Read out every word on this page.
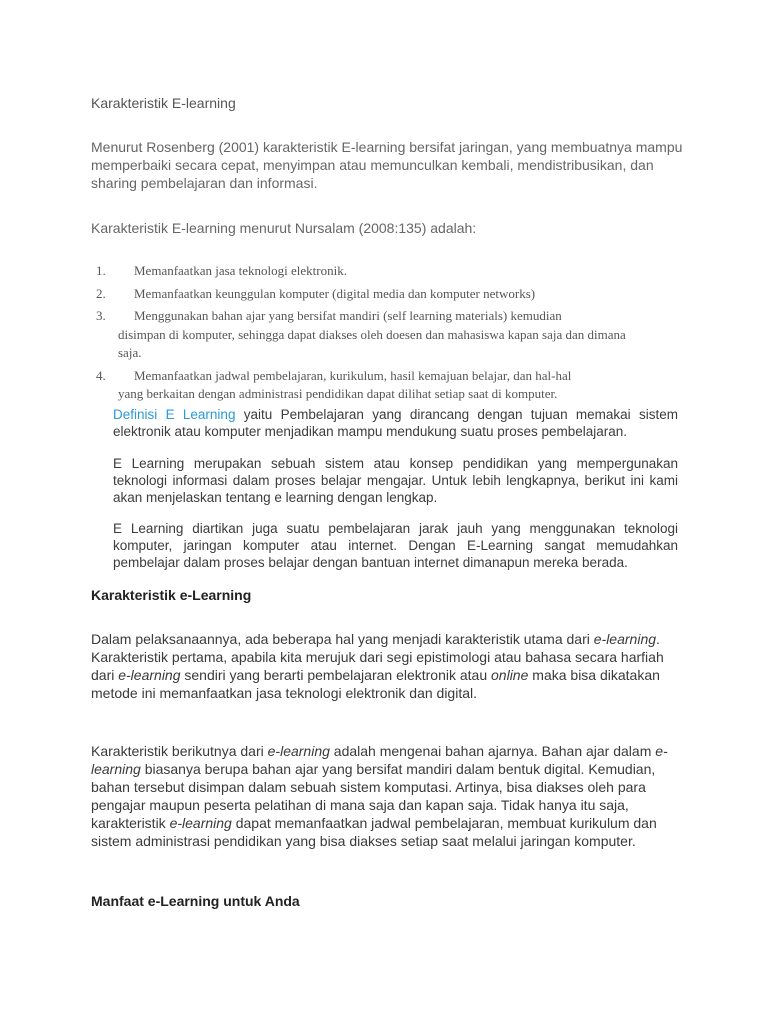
Karakteristik E-learning

Menurut Rosenberg (2001) karakteristik E-learning bersifat jaringan, yang membuatnya mampu memperbaiki secara cepat, menyimpan atau memunculkan kembali, mendistribusikan, dan sharing pembelajaran dan informasi.

Karakteristik E-learning menurut Nursalam (2008:135) adalah:

1. Memanfaatkan jasa teknologi elektronik.
2. Memanfaatkan keunggulan komputer (digital media dan komputer networks)
3. Menggunakan bahan ajar yang bersifat mandiri (self learning materials) kemudian
disimpan di komputer, sehingga dapat diakses oleh doesen dan mahasiswa kapan saja dan dimana saja.
4. Memanfaatkan jadwal pembelajaran, kurikulum, hasil kemajuan belajar, dan hal-hal
yang berkaitan dengan administrasi pendidikan dapat dilihat setiap saat di komputer.

Definisi E Learning yaitu Pembelajaran yang dirancang dengan tujuan memakai sistem elektronik atau komputer menjadikan mampu mendukung suatu proses pembelajaran.

E Learning merupakan sebuah sistem atau konsep pendidikan yang mempergunakan teknologi informasi dalam proses belajar mengajar. Untuk lebih lengkapnya, berikut ini kami akan menjelaskan tentang e learning dengan lengkap.

E Learning diartikan juga suatu pembelajaran jarak jauh yang menggunakan teknologi komputer, jaringan komputer atau internet. Dengan E-Learning sangat memudahkan pembelajar dalam proses belajar dengan bantuan internet dimanapun mereka berada.

Karakteristik e-Learning

Dalam pelaksanaannya, ada beberapa hal yang menjadi karakteristik utama dari e-learning. Karakteristik pertama, apabila kita merujuk dari segi epistimologi atau bahasa secara harfiah dari e-learning sendiri yang berarti pembelajaran elektronik atau online maka bisa dikatakan metode ini memanfaatkan jasa teknologi elektronik dan digital.

Karakteristik berikutnya dari e-learning adalah mengenai bahan ajarnya. Bahan ajar dalam e-learning biasanya berupa bahan ajar yang bersifat mandiri dalam bentuk digital. Kemudian, bahan tersebut disimpan dalam sebuah sistem komputasi. Artinya, bisa diakses oleh para pengajar maupun peserta pelatihan di mana saja dan kapan saja. Tidak hanya itu saja, karakteristik e-learning dapat memanfaatkan jadwal pembelajaran, membuat kurikulum dan sistem administrasi pendidikan yang bisa diakses setiap saat melalui jaringan komputer.

Manfaat e-Learning untuk Anda
